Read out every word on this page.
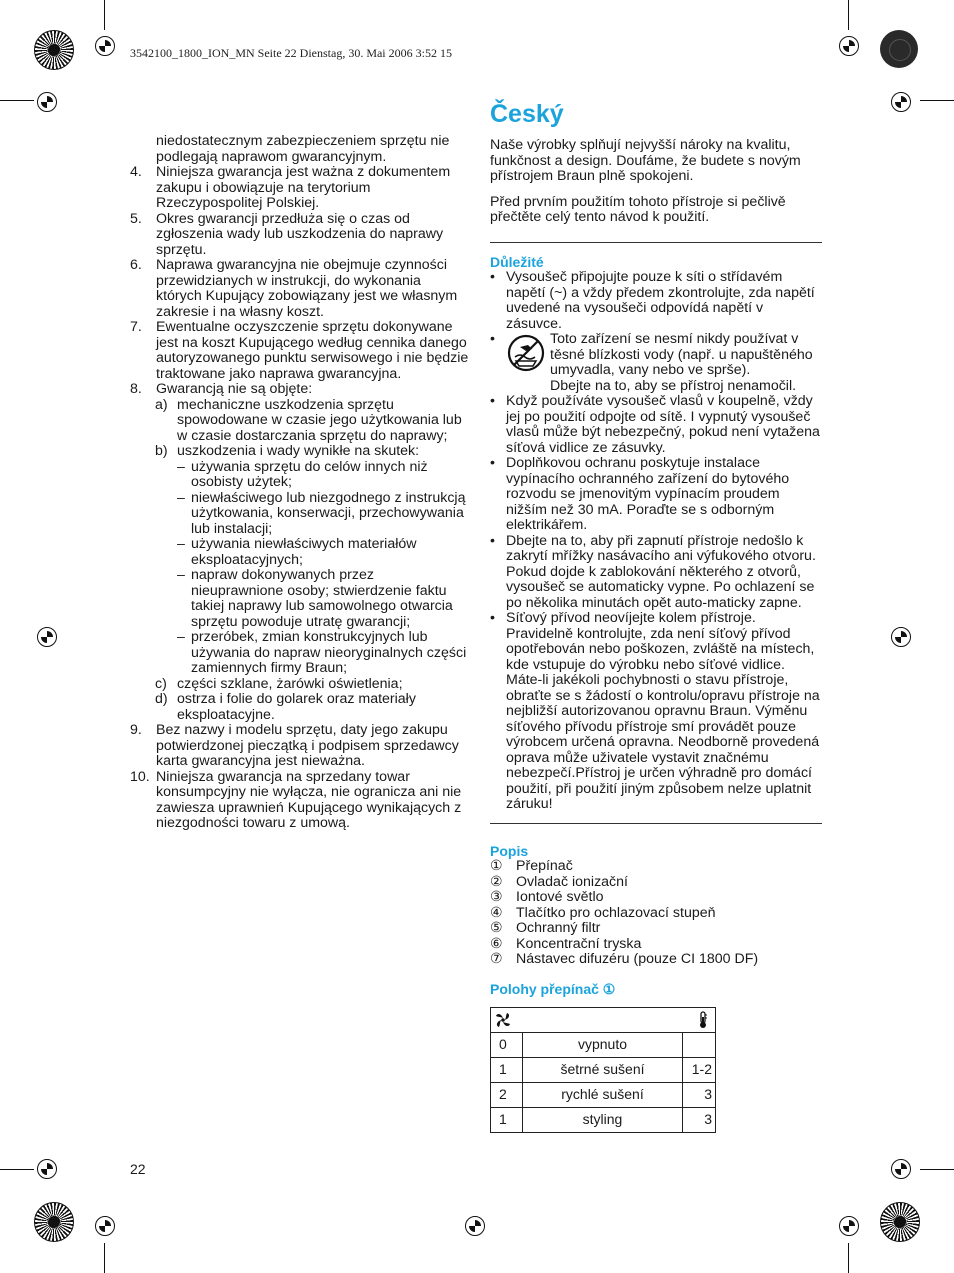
3542100_1800_ION_MN Seite 22 Dienstag, 30. Mai 2006 3:52 15
niedostatecznym zabezpieczeniem sprzętu nie podlegają naprawom gwarancyjnym.
4. Niniejsza gwarancja jest ważna z dokumentem zakupu i obowiązuje na terytorium Rzeczypospolitej Polskiej.
5. Okres gwarancji przedłuża się o czas od zgłoszenia wady lub uszkodzenia do naprawy sprzętu.
6. Naprawa gwarancyjna nie obejmuje czynności przewidzianych w instrukcji, do wykonania których Kupujący zobowiązany jest we własnym zakresie i na własny koszt.
7. Ewentualne oczyszczenie sprzętu dokonywane jest na koszt Kupującego według cennika danego autoryzowanego punktu serwisowego i nie będzie traktowane jako naprawa gwarancyjna.
8. Gwarancją nie są objęte:
a) mechaniczne uszkodzenia sprzętu spowodowane w czasie jego użytkowania lub w czasie dostarczania sprzętu do naprawy;
b) uszkodzenia i wady wynikłe na skutek:
– używania sprzętu do celów innych niż osobisty użytek;
– niewłaściwego lub niezgodnego z instrukcją użytkowania, konserwacji, przechowywania lub instalacji;
– używania niewłaściwych materiałów eksploatacyjnych;
– napraw dokonywanych przez nieuprawnione osoby; stwierdzenie faktu takiej naprawy lub samowolnego otwarcia sprzętu powoduje utratę gwarancji;
– przeróbek, zmian konstrukcyjnych lub używania do napraw nieoryginalnych części zamiennych firmy Braun;
c) części szklane, żarówki oświetlenia;
d) ostrza i folie do golarek oraz materiały eksploatacyjne.
9. Bez nazwy i modelu sprzętu, daty jego zakupu potwierdzonej pieczątką i podpisem sprzedawcy karta gwarancyjna jest nieważna.
10. Niniejsza gwarancja na sprzedany towar konsumpcyjny nie wyłącza, nie ogranicza ani nie zawiesza uprawnień Kupującego wynikających z niezgodności towaru z umową.
22
Český

Naše výrobky splňují nejvyšší nároky na kvalitu, funkčnost a design. Doufáme, že budete s novým přístrojem Braun plně spokojeni.

Před prvním použitím tohoto přístroje si pečlivě přečtěte celý tento návod k použití.

Důležité
• Vysoušeč připojujte pouze k síti o střídavém napětí (~) a vždy předem zkontrolujte, zda napětí uvedené na vysoušeči odpovídá napětí v zásuvce.
•	Toto zařízení se nesmí nikdy používat v těsné blízkosti vody (např. u napuštěného umyvadla, vany nebo ve sprše).
Dbejte na to, aby se přístroj nenamočil.
• Když používáte vysoušeč vlasů v koupelně, vždy jej po použití odpojte od sítě. I vypnutý vysoušeč vlasů může být nebezpečný, pokud není vytažena síťová vidlice ze zásuvky.
• Doplňkovou ochranu poskytuje instalace vypínacího ochranného zařízení do bytového rozvodu se jmenovitým vypínacím proudem nižším než 30 mA. Poraďte se s odborným elektrikářem.
• Dbejte na to, aby při zapnutí přístroje nedošlo k zakrytí mřížky nasávacího ani výfukového otvoru. Pokud dojde k zablokování některého z otvorů, vysoušeč se automaticky vypne. Po ochlazení se po několika minutách opět auto-maticky zapne.
• Síťový přívod neovíjejte kolem přístroje. Pravidelně kontrolujte, zda není síťový přívod opotřebován nebo poškozen, zvláště na místech, kde vstupuje do výrobku nebo síťové vidlice. Máte-li jakékoli pochybnosti o stavu přístroje, obraťte se s žádostí o kontrolu/opravu přístroje na nejbližší autorizovanou opravnu Braun. Výměnu síťového přívodu přístroje smí provádět pouze výrobcem určená opravna. Neodborně provedená oprava může uživatele vystavit značnému nebezpečí.Přístroj je určen výhradně pro domácí použití, při použití jiným způsobem nelze uplatnit záruku!
Popis
① Přepínač
② Ovladač ionizační
③ Iontové světlo
④ Tlačítko pro ochlazovací stupeň
⑤ Ochranný filtr
⑥ Koncentrační tryska
⑦ Nástavec difuzéru (pouze CI 1800 DF)
Polohy přepínač ①

0	vypnuto	
1	šetrné sušení	1-2
2	rychlé sušení	3
1	styling	3
